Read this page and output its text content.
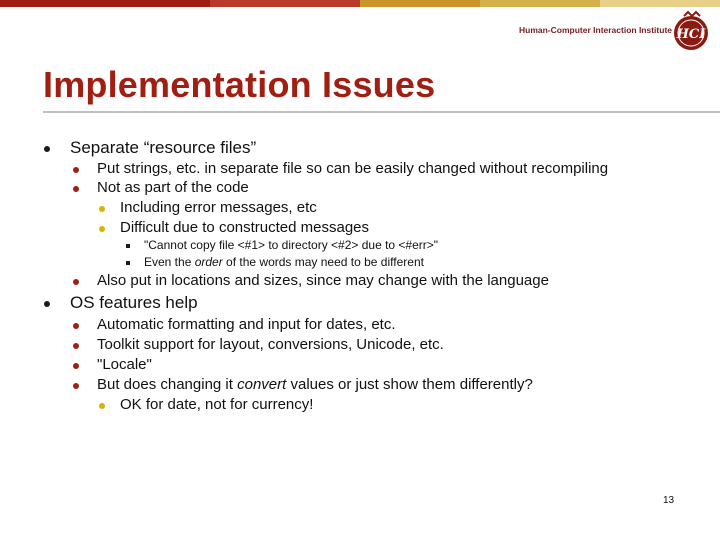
Human-Computer Interaction Institute HCI
Implementation Issues
Separate “resource files”
Put strings, etc. in separate file so can be easily changed without recompiling
Not as part of the code
Including error messages, etc
Difficult due to constructed messages
"Cannot copy file <#1> to directory <#2> due to <#err>"
Even the order of the words may need to be different
Also put in locations and sizes, since may change with the language
OS features help
Automatic formatting and input for dates, etc.
Toolkit support for layout, conversions, Unicode, etc.
"Locale"
But does changing it convert values or just show them differently?
OK for date, not for currency!
13
